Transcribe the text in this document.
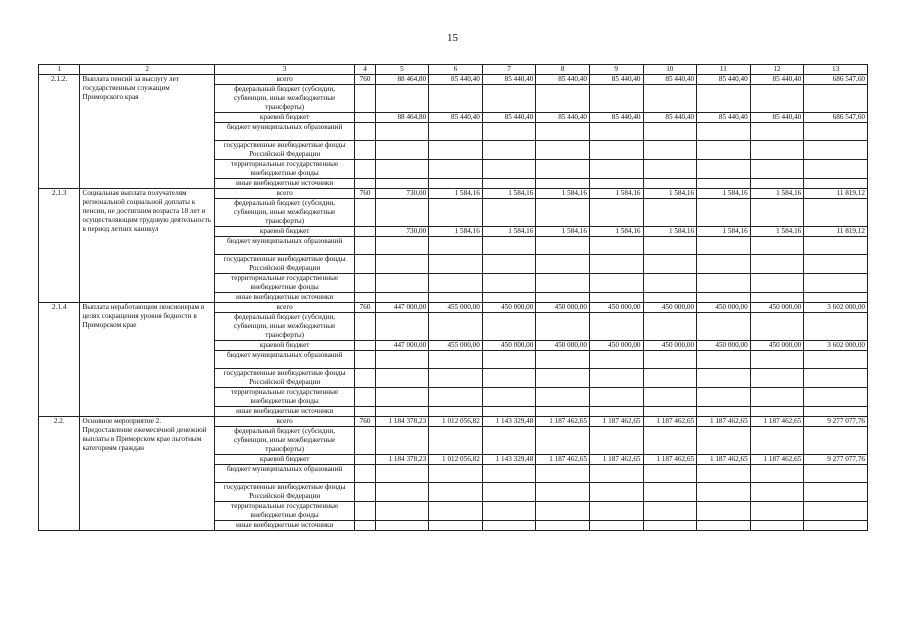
15
1	2	3	4	5	6	7	8	9	10	11	12	13
2.1.2.	Выплата пенсий за выслугу лет государственным служащим Приморского края	всего	760	88 464,80	85 440,40	85 440,40	85 440,40	85 440,40	85 440,40	85 440,40	85 440,40	686 547,60
		федеральный бюджет (субсидии, субвенции, иные межбюджетные трансферты)										
		краевой бюджет		88 464,80	85 440,40	85 440,40	85 440,40	85 440,40	85 440,40	85 440,40	85 440,40	686 547,60
		бюджет муниципальных образований										
		государственные внебюджетные фонды Российской Федерации										
		территориальные государственные внебюджетные фонды										
		иные внебюджетные источники										
2.1.3	Социальная выплата получателям региональной социальной доплаты к пенсии, не достигшим возраста 18 лет и осуществляющим трудовую деятельность в период летних каникул	всего	760	730,00	1 584,16	1 584,16	1 584,16	1 584,16	1 584,16	1 584,16	1 584,16	11 819,12
		федеральный бюджет (субсидии, субвенции, иные межбюджетные трансферты)										
		краевой бюджет		730,00	1 584,16	1 584,16	1 584,16	1 584,16	1 584,16	1 584,16	1 584,16	11 819,12
		бюджет муниципальных образований										
		государственные внебюджетные фонды Российской Федерации										
		территориальные государственные внебюджетные фонды										
		иные внебюджетные источники										
2.1.4	Выплата неработающим пенсионерам в целях сокращения уровня бедности в Приморском крае	всего	760	447 000,00	455 000,00	450 000,00	450 000,00	450 000,00	450 000,00	450 000,00	450 000,00	3 602 000,00
		федеральный бюджет (субсидии, субвенции, иные межбюджетные трансферты)										
		краевой бюджет		447 000,00	455 000,00	450 000,00	450 000,00	450 000,00	450 000,00	450 000,00	450 000,00	3 602 000,00
		бюджет муниципальных образований										
		государственные внебюджетные фонды Российской Федерации										
		территориальные государственные внебюджетные фонды										
		иные внебюджетные источники										
2.2.	Основное мероприятие 2. Предоставление ежемесячной денежной выплаты в Приморском крае льготным категориям граждан	всего	760	1 184 378,23	1 012 056,82	1 143 329,48	1 187 462,65	1 187 462,65	1 187 462,65	1 187 462,65	1 187 462,65	9 277 077,76
		федеральный бюджет (субсидии, субвенции, иные межбюджетные трансферты)										
		краевой бюджет		1 184 378,23	1 012 056,82	1 143 329,48	1 187 462,65	1 187 462,65	1 187 462,65	1 187 462,65	1 187 462,65	9 277 077,76
		бюджет муниципальных образований										
		государственные внебюджетные фонды Российской Федерации										
		территориальные государственные внебюджетные фонды										
		иные внебюджетные источники										
